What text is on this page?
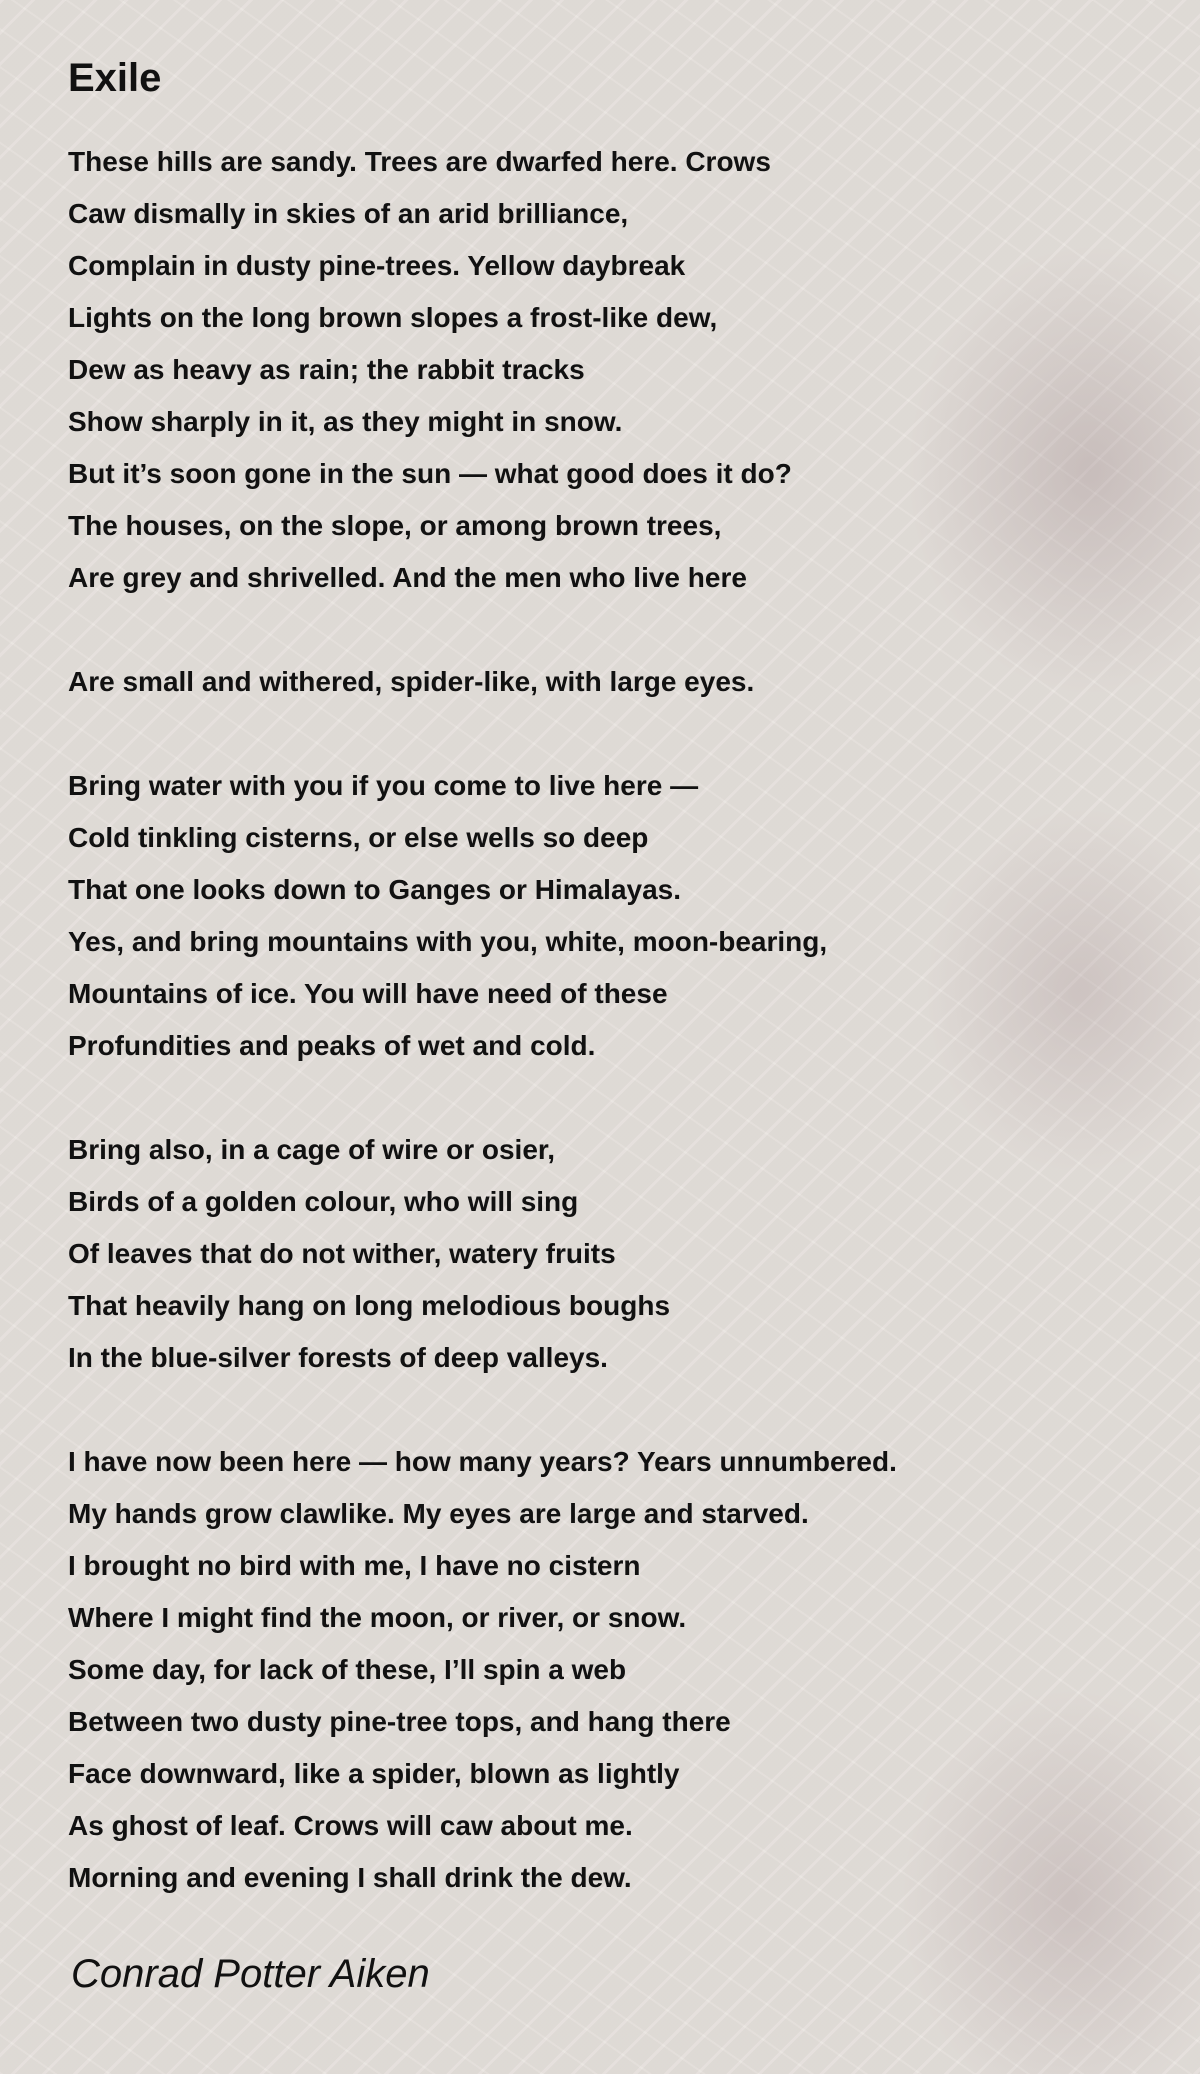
Exile
These hills are sandy. Trees are dwarfed here. Crows
Caw dismally in skies of an arid brilliance,
Complain in dusty pine-trees. Yellow daybreak
Lights on the long brown slopes a frost-like dew,
Dew as heavy as rain; the rabbit tracks
Show sharply in it, as they might in snow.
But it’s soon gone in the sun — what good does it do?
The houses, on the slope, or among brown trees,
Are grey and shrivelled. And the men who live here
Are small and withered, spider-like, with large eyes.
Bring water with you if you come to live here —
Cold tinkling cisterns, or else wells so deep
That one looks down to Ganges or Himalayas.
Yes, and bring mountains with you, white, moon-bearing,
Mountains of ice. You will have need of these
Profundities and peaks of wet and cold.
Bring also, in a cage of wire or osier,
Birds of a golden colour, who will sing
Of leaves that do not wither, watery fruits
That heavily hang on long melodious boughs
In the blue-silver forests of deep valleys.
I have now been here — how many years? Years unnumbered.
My hands grow clawlike. My eyes are large and starved.
I brought no bird with me, I have no cistern
Where I might find the moon, or river, or snow.
Some day, for lack of these, I’ll spin a web
Between two dusty pine-tree tops, and hang there
Face downward, like a spider, blown as lightly
As ghost of leaf. Crows will caw about me.
Morning and evening I shall drink the dew.
Conrad Potter Aiken
